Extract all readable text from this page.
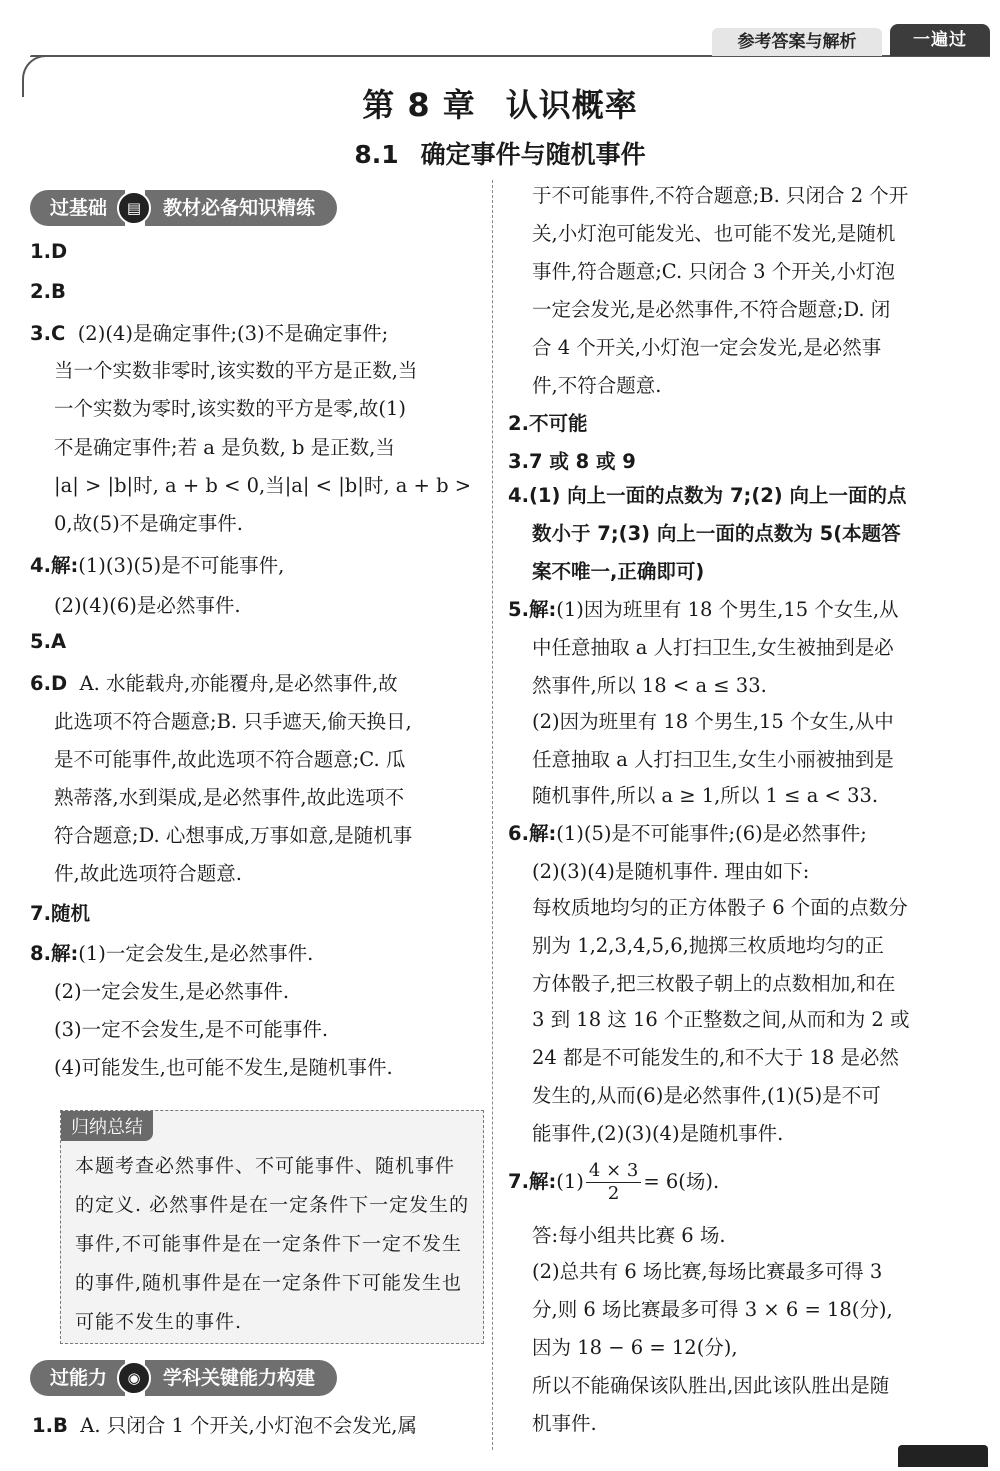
参考答案与解析	一遍过
第 8 章 认识概率
8.1 确定事件与随机事件
过基础	▤	教材必备知识精练
1.D
2.B
3.C (2)(4)是确定事件;(3)不是确定事件;
当一个实数非零时,该实数的平方是正数,当
一个实数为零时,该实数的平方是零,故(1)
不是确定事件;若 a 是负数, b 是正数,当
|a| > |b|时, a + b < 0,当|a| < |b|时, a + b >
0,故(5)不是确定事件.
4.解:(1)(3)(5)是不可能事件,
(2)(4)(6)是必然事件.
5.A
6.D A. 水能载舟,亦能覆舟,是必然事件,故
此选项不符合题意;B. 只手遮天,偷天换日,
是不可能事件,故此选项不符合题意;C. 瓜
熟蒂落,水到渠成,是必然事件,故此选项不
符合题意;D. 心想事成,万事如意,是随机事
件,故此选项符合题意.
7.随机
8.解:(1)一定会发生,是必然事件.
(2)一定会发生,是必然事件.
(3)一定不会发生,是不可能事件.
(4)可能发生,也可能不发生,是随机事件.
归纳总结
本题考查必然事件、不可能事件、随机事件的定义. 必然事件是在一定条件下一定发生的事件,不可能事件是在一定条件下一定不发生的事件,随机事件是在一定条件下可能发生也可能不发生的事件.
过能力	◉	学科关键能力构建
1.B A. 只闭合 1 个开关,小灯泡不会发光,属
于不可能事件,不符合题意;B. 只闭合 2 个开
关,小灯泡可能发光、也可能不发光,是随机
事件,符合题意;C. 只闭合 3 个开关,小灯泡
一定会发光,是必然事件,不符合题意;D. 闭
合 4 个开关,小灯泡一定会发光,是必然事
件,不符合题意.
2.不可能
3.7 或 8 或 9
4.(1) 向上一面的点数为 7;(2) 向上一面的点
数小于 7;(3) 向上一面的点数为 5(本题答
案不唯一,正确即可)
5.解:(1)因为班里有 18 个男生,15 个女生,从
中任意抽取 a 人打扫卫生,女生被抽到是必
然事件,所以 18 < a ≤ 33.
(2)因为班里有 18 个男生,15 个女生,从中
任意抽取 a 人打扫卫生,女生小丽被抽到是
随机事件,所以 a ≥ 1,所以 1 ≤ a < 33.
6.解:(1)(5)是不可能事件;(6)是必然事件;
(2)(3)(4)是随机事件. 理由如下:
每枚质地均匀的正方体骰子 6 个面的点数分
别为 1,2,3,4,5,6,抛掷三枚质地均匀的正
方体骰子,把三枚骰子朝上的点数相加,和在
3 到 18 这 16 个正整数之间,从而和为 2 或
24 都是不可能发生的,和不大于 18 是必然
发生的,从而(6)是必然事件,(1)(5)是不可
能事件,(2)(3)(4)是随机事件.
7.解:(1) $\frac{4 \times 3}{2} = 6$(场).
答:每小组共比赛 6 场.
(2)总共有 6 场比赛,每场比赛最多可得 3
分,则 6 场比赛最多可得 3 × 6 = 18(分),
因为 18 − 6 = 12(分),
所以不能确保该队胜出,因此该队胜出是随
机事件.
